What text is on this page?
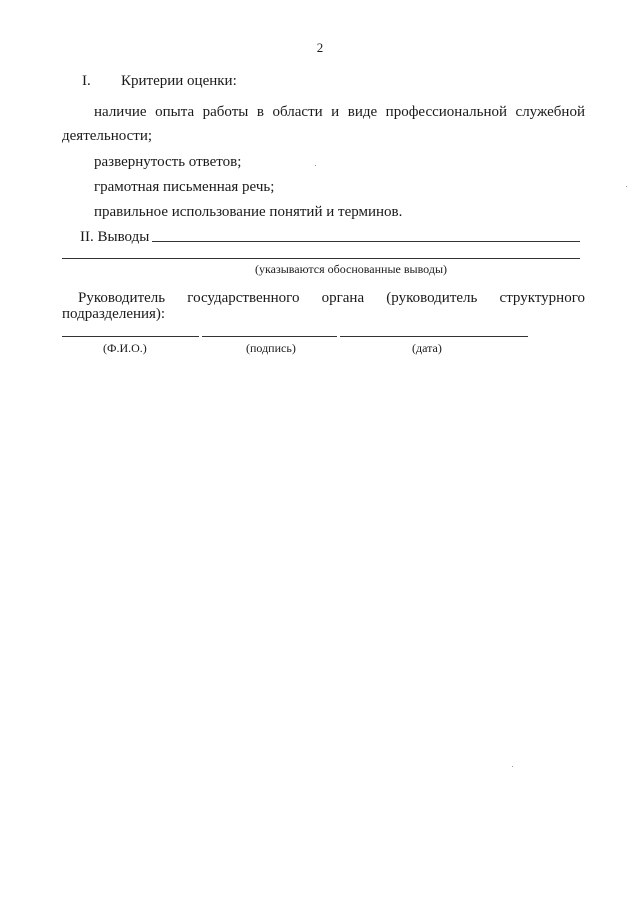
2
I. Критерии оценки:
наличие опыта работы в области и виде профессиональной служебной
деятельности;
развернутость ответов;
грамотная письменная речь;
правильное использование понятий и терминов.
II. Выводы
(указываются обоснованные выводы)
Руководитель государственного органа (руководитель структурного
подразделения):
(Ф.И.О.)	(подпись)	(дата)
